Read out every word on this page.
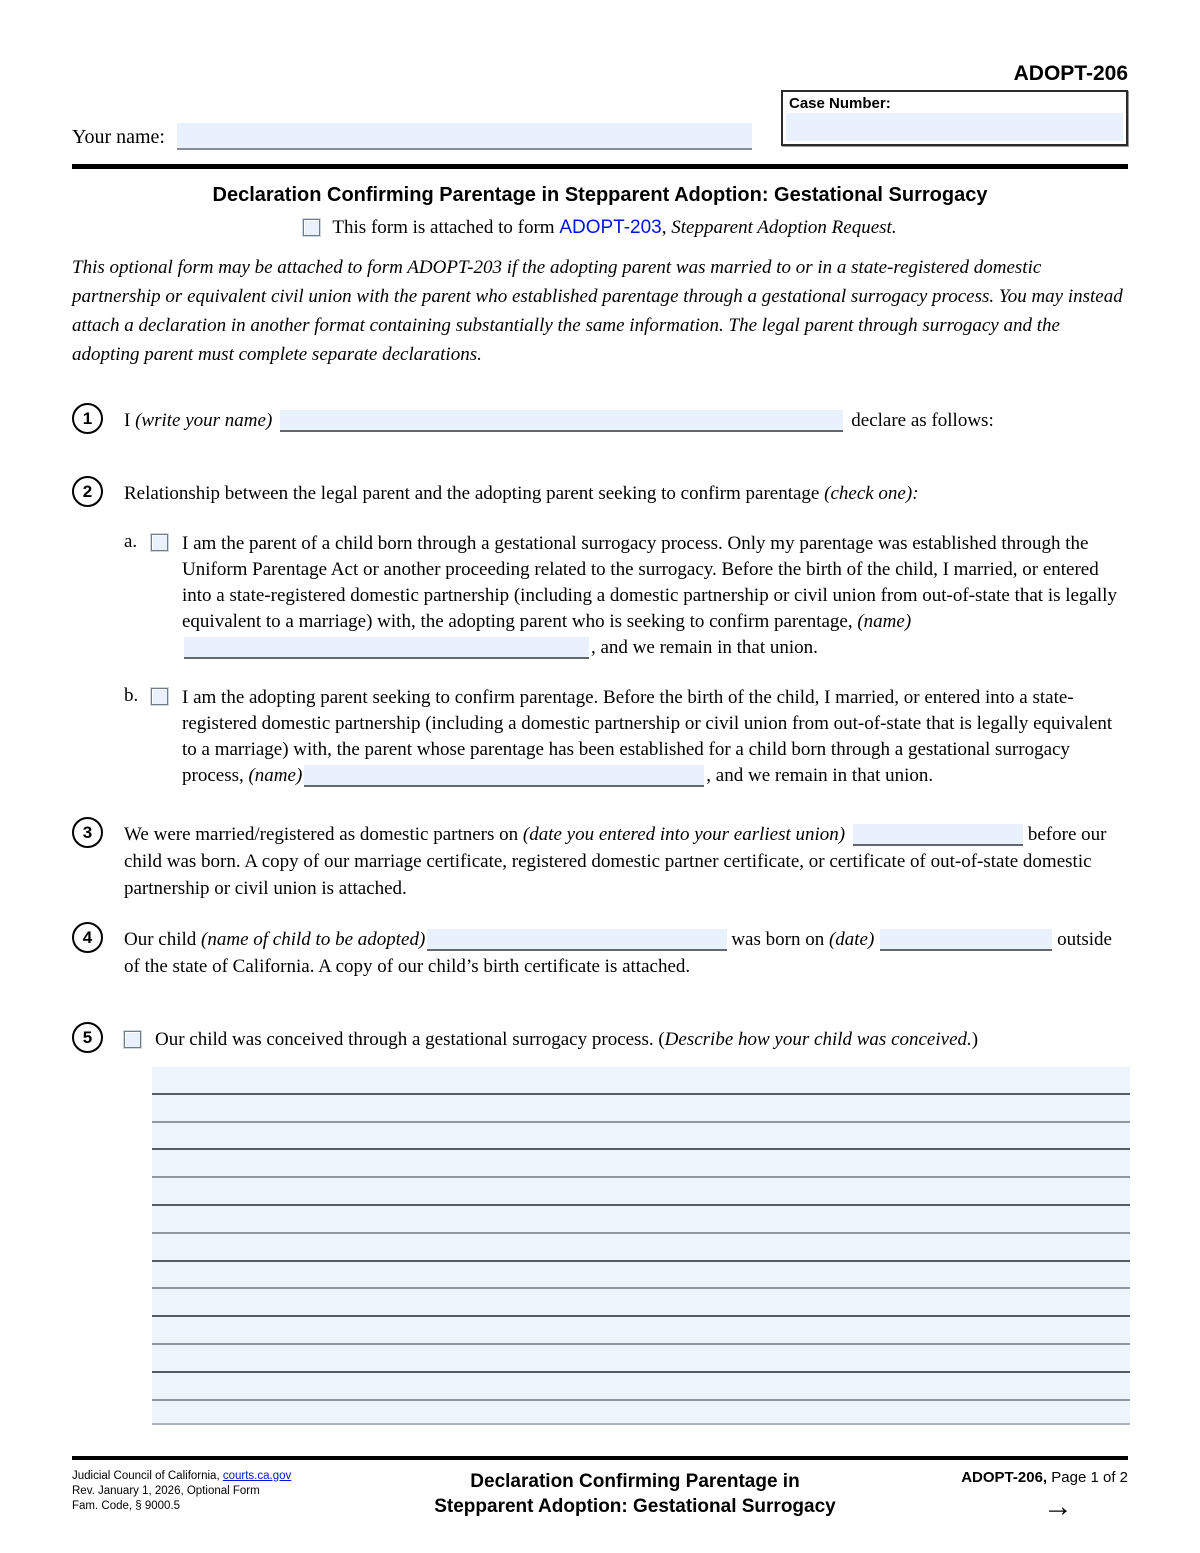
ADOPT-206
Your name:
Case Number:
Declaration Confirming Parentage in Stepparent Adoption: Gestational Surrogacy
This form is attached to form ADOPT-203, Stepparent Adoption Request.
This optional form may be attached to form ADOPT-203 if the adopting parent was married to or in a state-registered domestic partnership or equivalent civil union with the parent who established parentage through a gestational surrogacy process. You may instead attach a declaration in another format containing substantially the same information. The legal parent through surrogacy and the adopting parent must complete separate declarations.
1	I (write your name)	declare as follows:
2	Relationship between the legal parent and the adopting parent seeking to confirm parentage (check one):
a.	I am the parent of a child born through a gestational surrogacy process. Only my parentage was established through the Uniform Parentage Act or another proceeding related to the surrogacy. Before the birth of the child, I married, or entered into a state-registered domestic partnership (including a domestic partnership or civil union from out-of-state that is legally equivalent to a marriage) with, the adopting parent who is seeking to confirm parentage, (name), and we remain in that union.
b.	I am the adopting parent seeking to confirm parentage. Before the birth of the child, I married, or entered into a state-registered domestic partnership (including a domestic partnership or civil union from out-of-state that is legally equivalent to a marriage) with, the parent whose parentage has been established for a child born through a gestational surrogacy process, (name)	, and we remain in that union.
3	We were married/registered as domestic partners on (date you entered into your earliest union)	before our child was born. A copy of our marriage certificate, registered domestic partner certificate, or certificate of out-of-state domestic partnership or civil union is attached.
4	Our child (name of child to be adopted)	was born on (date)	outside of the state of California. A copy of our child’s birth certificate is attached.
5	Our child was conceived through a gestational surrogacy process. (Describe how your child was conceived.)
Judicial Council of California, courts.ca.gov
Rev. January 1, 2026, Optional Form
Fam. Code, § 9000.5
Declaration Confirming Parentage in
Stepparent Adoption: Gestational Surrogacy
ADOPT-206, Page 1 of 2
→
